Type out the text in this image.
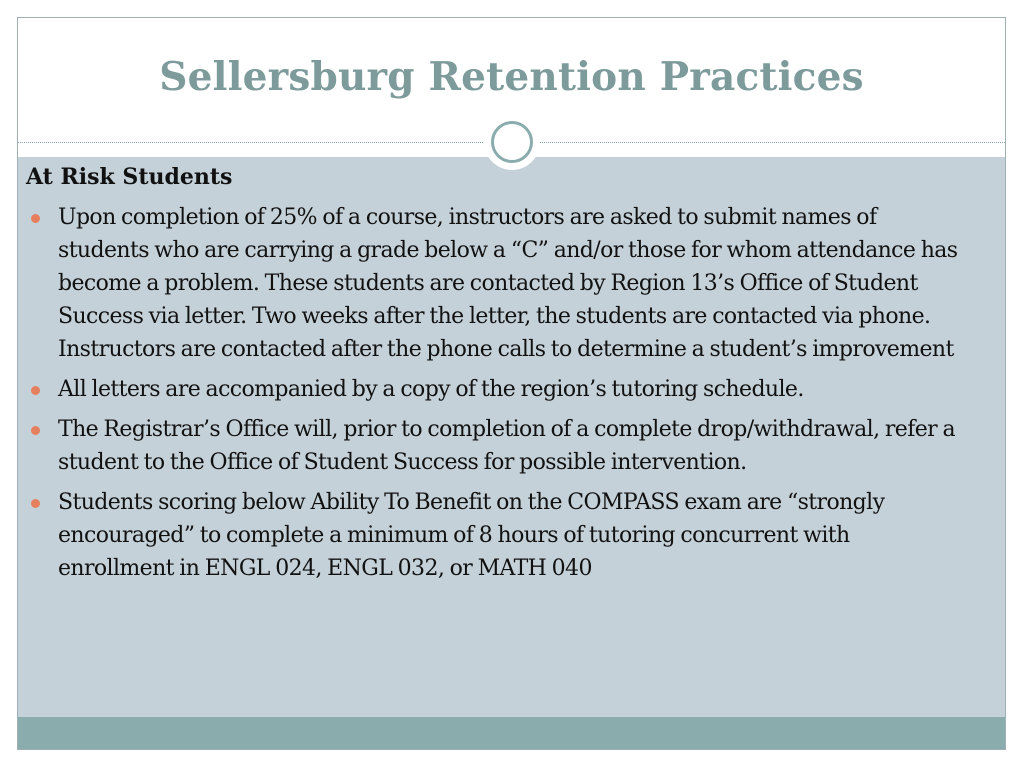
Sellersburg Retention Practices
At Risk Students
Upon completion of 25% of a course, instructors are asked to submit names of students who are carrying a grade below a “C” and/or those for whom attendance has become a problem. These students are contacted by Region 13’s Office of Student Success via letter. Two weeks after the letter, the students are contacted via phone. Instructors are contacted after the phone calls to determine a student’s improvement
All letters are accompanied by a copy of the region’s tutoring schedule.
The Registrar’s Office will, prior to completion of a complete drop/withdrawal, refer a student to the Office of Student Success for possible intervention.
Students scoring below Ability To Benefit on the COMPASS exam are “strongly encouraged” to complete a minimum of 8 hours of tutoring concurrent with enrollment in ENGL 024, ENGL 032, or MATH 040
